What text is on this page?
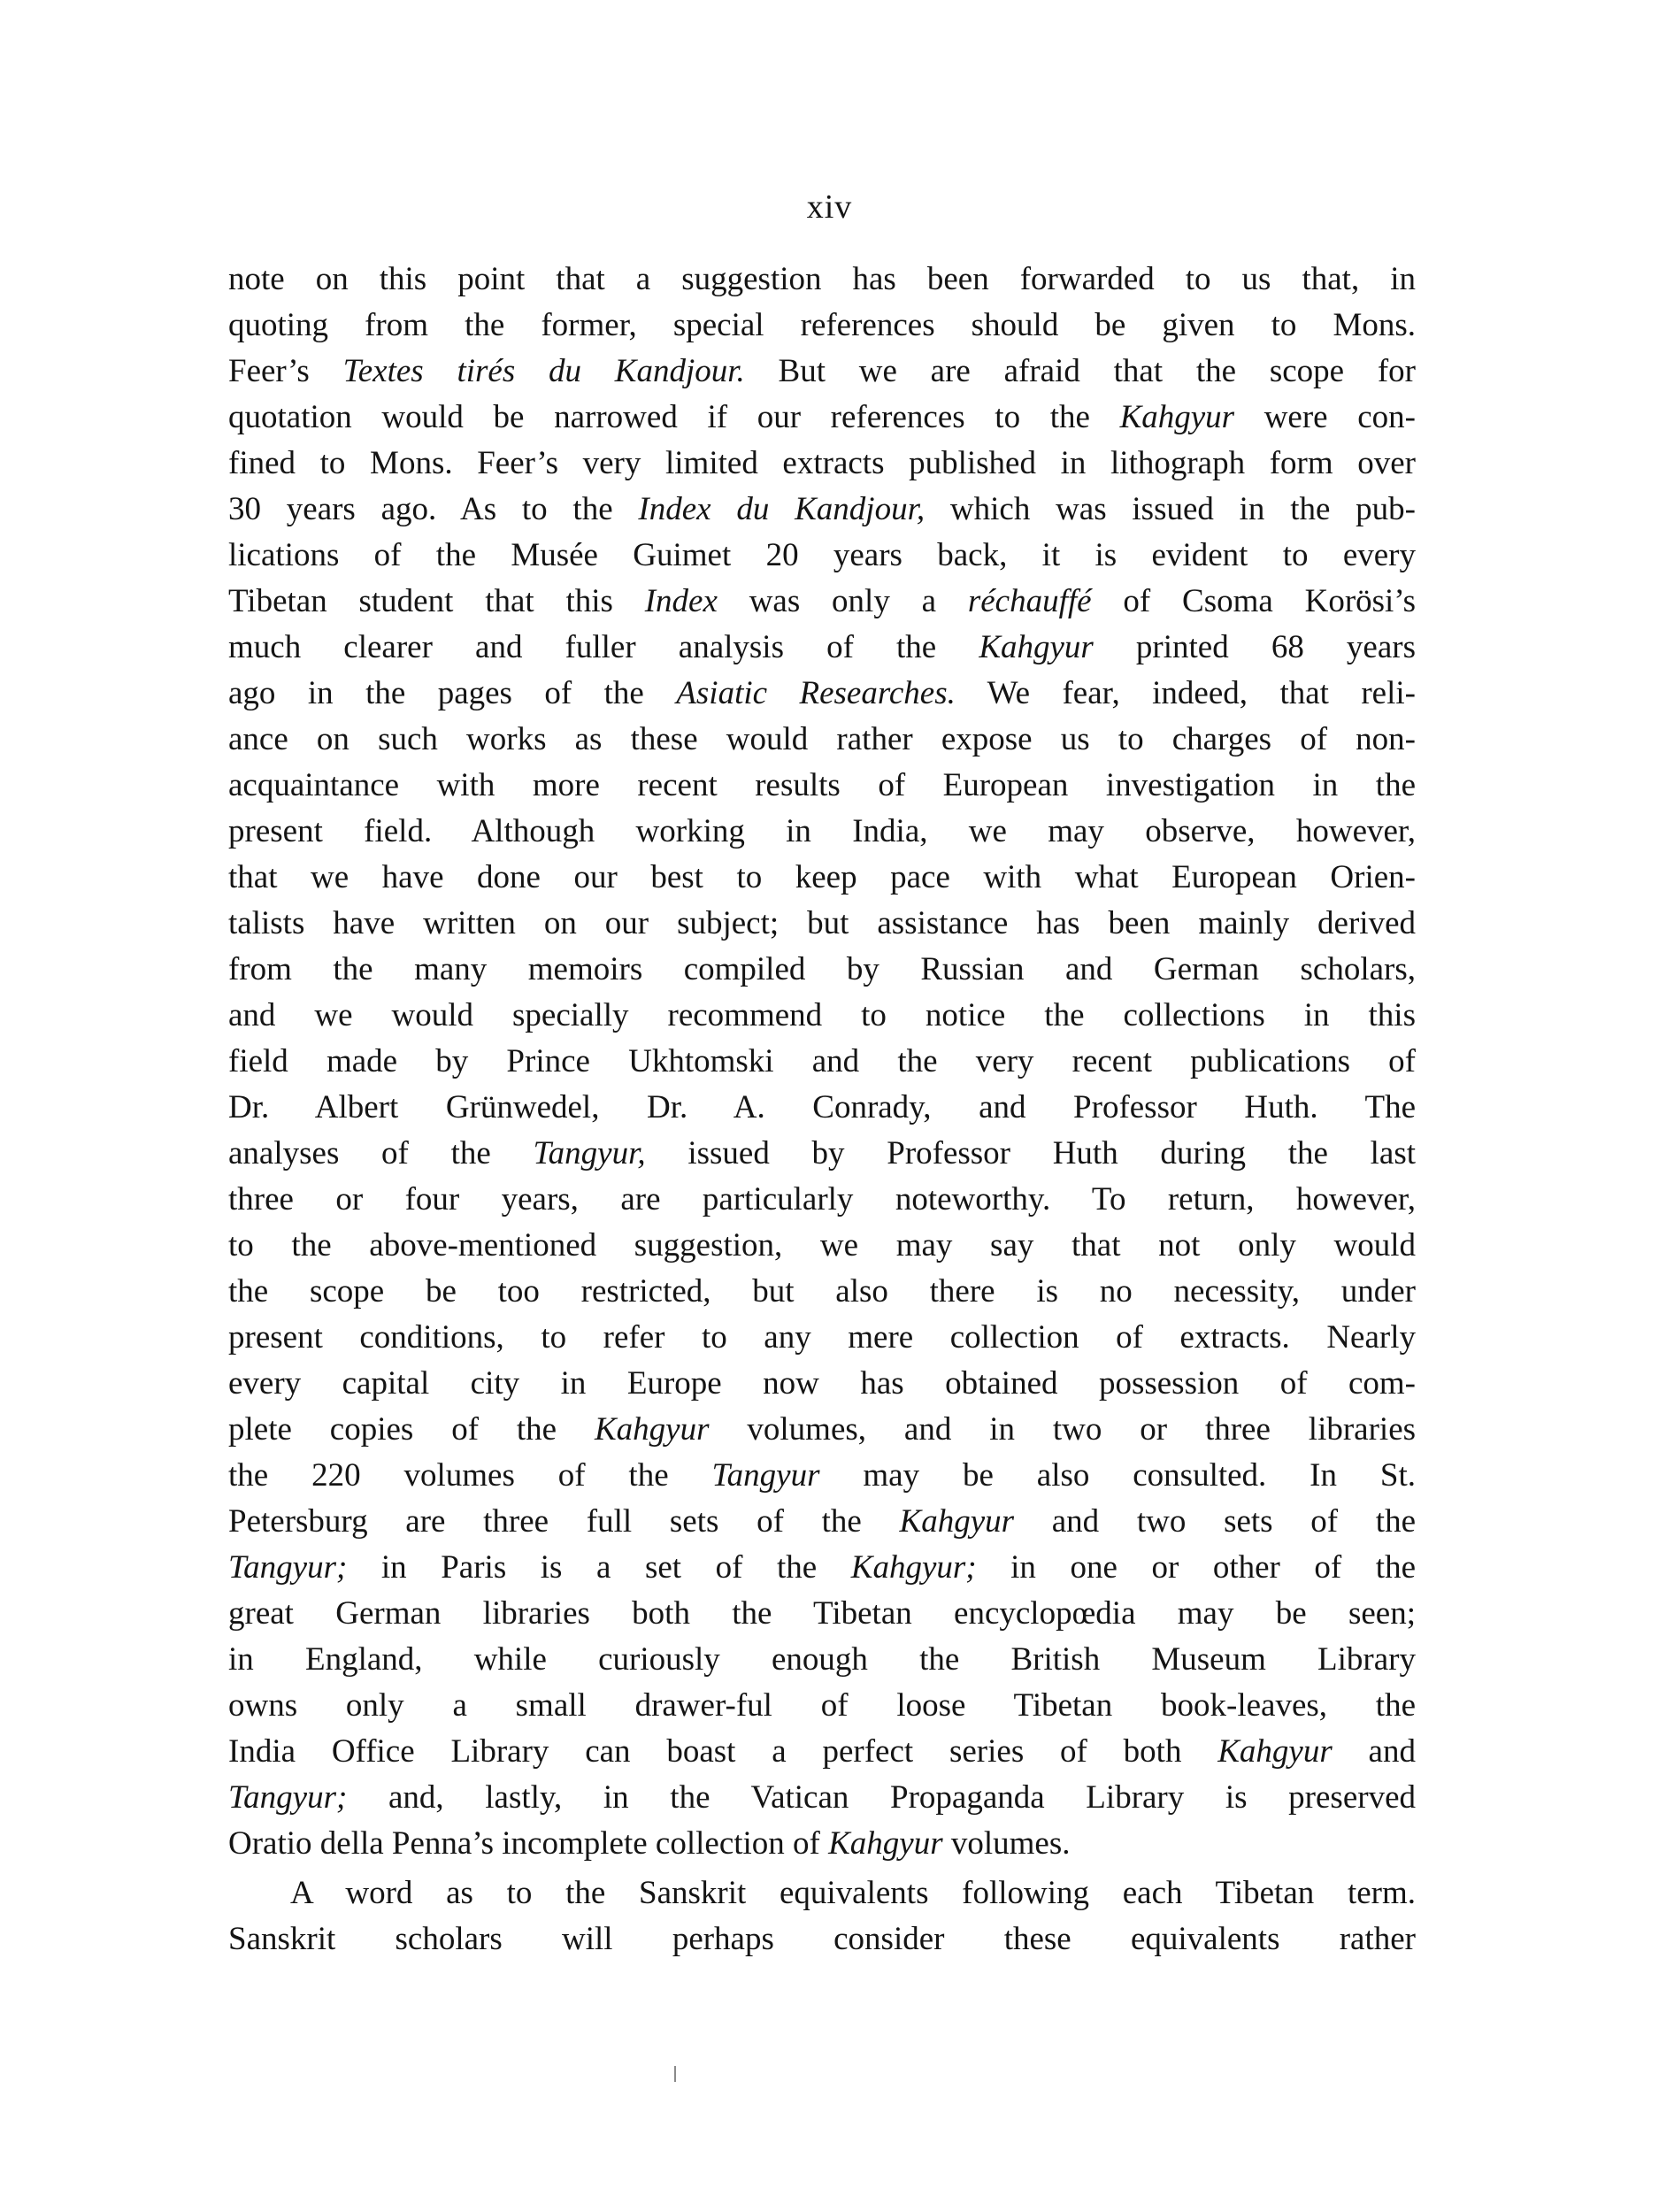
xiv
note on this point that a suggestion has been forwarded to us that, in
quoting from the former, special references should be given to Mons.
Feer’s Textes tirés du Kandjour. But we are afraid that the scope for
quotation would be narrowed if our references to the Kahgyur were con-
fined to Mons. Feer’s very limited extracts published in lithograph form over
30 years ago. As to the Index du Kandjour, which was issued in the pub-
lications of the Musée Guimet 20 years back, it is evident to every
Tibetan student that this Index was only a réchauffé of Csoma Korösi’s
much clearer and fuller analysis of the Kahgyur printed 68 years
ago in the pages of the Asiatic Researches. We fear, indeed, that reli-
ance on such works as these would rather expose us to charges of non-
acquaintance with more recent results of European investigation in the
present field. Although working in India, we may observe, however,
that we have done our best to keep pace with what European Orien-
talists have written on our subject; but assistance has been mainly derived
from the many memoirs compiled by Russian and German scholars,
and we would specially recommend to notice the collections in this
field made by Prince Ukhtomski and the very recent publications of
Dr. Albert Grünwedel, Dr. A. Conrady, and Professor Huth. The
analyses of the Tangyur, issued by Professor Huth during the last
three or four years, are particularly noteworthy. To return, however,
to the above-mentioned suggestion, we may say that not only would
the scope be too restricted, but also there is no necessity, under
present conditions, to refer to any mere collection of extracts. Nearly
every capital city in Europe now has obtained possession of com-
plete copies of the Kahgyur volumes, and in two or three libraries
the 220 volumes of the Tangyur may be also consulted. In St.
Petersburg are three full sets of the Kahgyur and two sets of the
Tangyur; in Paris is a set of the Kahgyur; in one or other of the
great German libraries both the Tibetan encyclopœdia may be seen;
in England, while curiously enough the British Museum Library
owns only a small drawer-ful of loose Tibetan book-leaves, the
India Office Library can boast a perfect series of both Kahgyur and
Tangyur; and, lastly, in the Vatican Propaganda Library is preserved
Oratio della Penna’s incomplete collection of Kahgyur volumes.
A word as to the Sanskrit equivalents following each Tibetan term.
Sanskrit scholars will perhaps consider these equivalents rather
